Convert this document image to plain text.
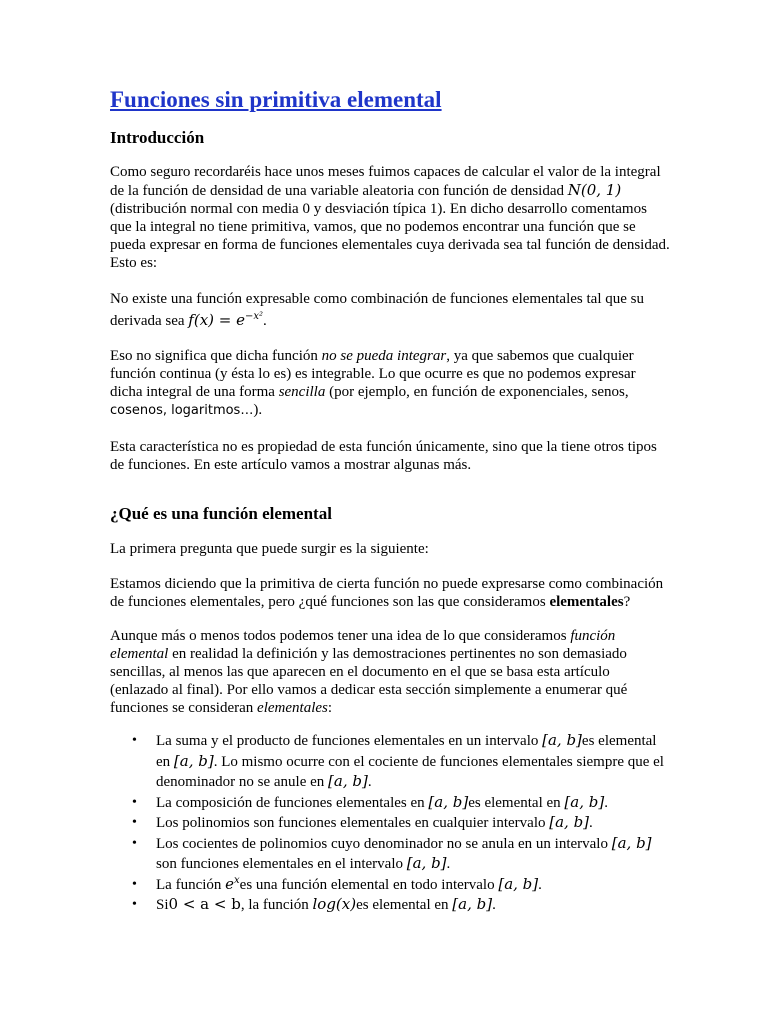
Funciones sin primitiva elemental
Introducción

Como seguro recordaréis hace unos meses fuimos capaces de calcular el valor de la integral de la función de densidad de una variable aleatoria con función de densidad N(0, 1)(distribución normal con media 0 y desviación típica 1). En dicho desarrollo comentamos que la integral no tiene primitiva, vamos, que no podemos encontrar una función que se pueda expresar en forma de funciones elementales cuya derivada sea tal función de densidad. Esto es:

No existe una función expresable como combinación de funciones elementales tal que su derivada sea $f(x) = e^{-x^2}$.

Eso no significa que dicha función no se pueda integrar, ya que sabemos que cualquier función continua (y ésta lo es) es integrable. Lo que ocurre es que no podemos expresar dicha integral de una forma sencilla (por ejemplo, en función de exponenciales, senos, cosenos, logaritmos…).

Esta característica no es propiedad de esta función únicamente, sino que la tiene otros tipos de funciones. En este artículo vamos a mostrar algunas más.

¿Qué es una función elemental

La primera pregunta que puede surgir es la siguiente:

Estamos diciendo que la primitiva de cierta función no puede expresarse como combinación de funciones elementales, pero ¿qué funciones son las que consideramos elementales?

Aunque más o menos todos podemos tener una idea de lo que consideramos función elemental en realidad la definición y las demostraciones pertinentes no son demasiado sencillas, al menos las que aparecen en el documento en el que se basa esta artículo (enlazado al final). Por ello vamos a dedicar esta sección simplemente a enumerar qué funciones se consideran elementales:

• La suma y el producto de funciones elementales en un intervalo [a, b]es elemental en [a, b]. Lo mismo ocurre con el cociente de funciones elementales siempre que el denominador no se anule en [a, b].
• La composición de funciones elementales en [a, b]es elemental en [a, b].
• Los polinomios son funciones elementales en cualquier intervalo [a, b].
• Los cocientes de polinomios cuyo denominador no se anula en un intervalo [a, b] son funciones elementales en el intervalo [a, b].
• La función $e^xes$ una función elemental en todo intervalo [a, b].
• Si0 < a < b, la función log(x)es elemental en [a, b].
